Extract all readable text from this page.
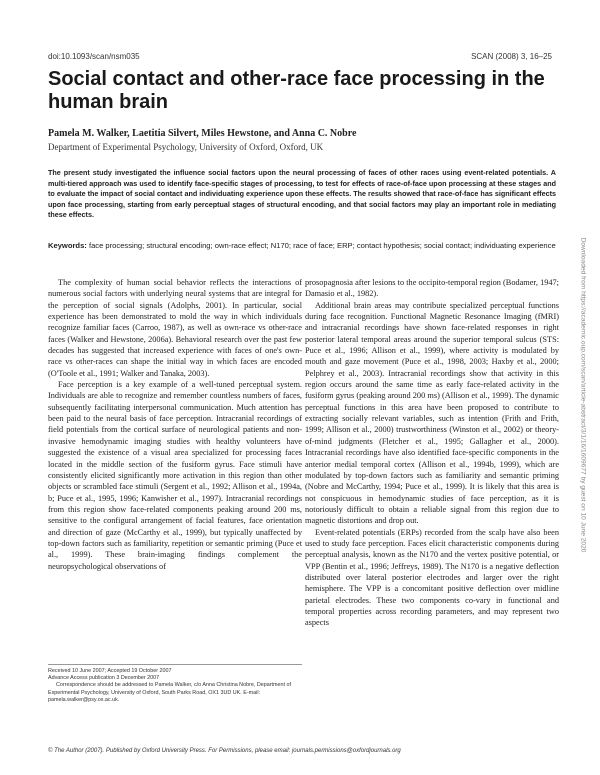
doi:10.1093/scan/nsm035	SCAN (2008) 3, 16–25
Social contact and other-race face processing in the human brain
Pamela M. Walker, Laetitia Silvert, Miles Hewstone, and Anna C. Nobre
Department of Experimental Psychology, University of Oxford, Oxford, UK
The present study investigated the influence social factors upon the neural processing of faces of other races using event-related potentials. A multi-tiered approach was used to identify face-specific stages of processing, to test for effects of race-of-face upon processing at these stages and to evaluate the impact of social contact and individuating experience upon these effects. The results showed that race-of-face has significant effects upon face processing, starting from early perceptual stages of structural encoding, and that social factors may play an important role in mediating these effects.
Keywords: face processing; structural encoding; own-race effect; N170; race of face; ERP; contact hypothesis; social contact; individuating experience

The complexity of human social behavior reflects the interactions of numerous social factors with underlying neural systems that are integral for the perception of social signals (Adolphs, 2001). In particular, social experience has been demonstrated to mold the way in which individuals recognize familiar faces (Carroo, 1987), as well as own-race vs other-race faces (Walker and Hewstone, 2006a). Behavioral research over the past few decades has suggested that increased experience with faces of one's own-race vs other-races can shape the initial way in which faces are encoded (O'Toole et al., 1991; Walker and Tanaka, 2003).

Face perception is a key example of a well-tuned perceptual system. Individuals are able to recognize and remember countless numbers of faces, subsequently facilitating interpersonal communication. Much attention has been paid to the neural basis of face perception. Intracranial recordings of field potentials from the cortical surface of neurological patients and non-invasive hemodynamic imaging studies with healthy volunteers have suggested the existence of a visual area specialized for processing faces located in the middle section of the fusiform gyrus. Face stimuli have consistently elicited significantly more activation in this region than other objects or scrambled face stimuli (Sergent et al., 1992; Allison et al., 1994a, b; Puce et al., 1995, 1996; Kanwisher et al., 1997). Intracranial recordings from this region show face-related components peaking around 200 ms, sensitive to the configural arrangement of facial features, face orientation and direction of gaze (McCarthy et al., 1999), but typically unaffected by top-down factors such as familiarity, repetition or semantic priming (Puce et al., 1999). These brain-imaging findings complement the neuropsychological observations of

Received 10 June 2007; Accepted 19 October 2007
Advance Access publication 3 December 2007
Correspondence should be addressed to Pamela Walker, c/o Anna Christina Nobre, Department of Experimental Psychology, University of Oxford, South Parks Road, OX1 3UD UK. E-mail: pamela.walker@psy.ox.ac.uk.

prosopagnosia after lesions to the occipito-temporal region (Bodamer, 1947; Damasio et al., 1982).

Additional brain areas may contribute specialized perceptual functions during face recognition. Functional Magnetic Resonance Imaging (fMRI) and intracranial recordings have shown face-related responses in right posterior lateral temporal areas around the superior temporal sulcus (STS: Puce et al., 1996; Allison et al., 1999), where activity is modulated by mouth and gaze movement (Puce et al., 1998, 2003; Haxby et al., 2000; Pelphrey et al., 2003). Intracranial recordings show that activity in this region occurs around the same time as early face-related activity in the fusiform gyrus (peaking around 200 ms) (Allison et al., 1999). The dynamic perceptual functions in this area have been proposed to contribute to extracting socially relevant variables, such as intention (Frith and Frith, 1999; Allison et al., 2000) trustworthiness (Winston et al., 2002) or theory-of-mind judgments (Fletcher et al., 1995; Gallagher et al., 2000). Intracranial recordings have also identified face-specific components in the anterior medial temporal cortex (Allison et al., 1994b, 1999), which are modulated by top-down factors such as familiarity and semantic priming (Nobre and McCarthy, 1994; Puce et al., 1999). It is likely that this area is not conspicuous in hemodynamic studies of face perception, as it is notoriously difficult to obtain a reliable signal from this region due to magnetic distortions and drop out.

Event-related potentials (ERPs) recorded from the scalp have also been used to study face perception. Faces elicit characteristic components during perceptual analysis, known as the N170 and the vertex positive potential, or VPP (Bentin et al., 1996; Jeffreys, 1989). The N170 is a negative deflection distributed over lateral posterior electrodes and larger over the right hemisphere. The VPP is a concomitant positive deflection over midline parietal electrodes. These two components co-vary in functional and temporal properties across recording parameters, and may represent two aspects

© The Author (2007). Published by Oxford University Press. For Permissions, please email: journals.permissions@oxfordjournals.org
Downloaded from https://academic.oup.com/scan/article-abstract/3/1/16/1609677 by guest on 10 June 2020
